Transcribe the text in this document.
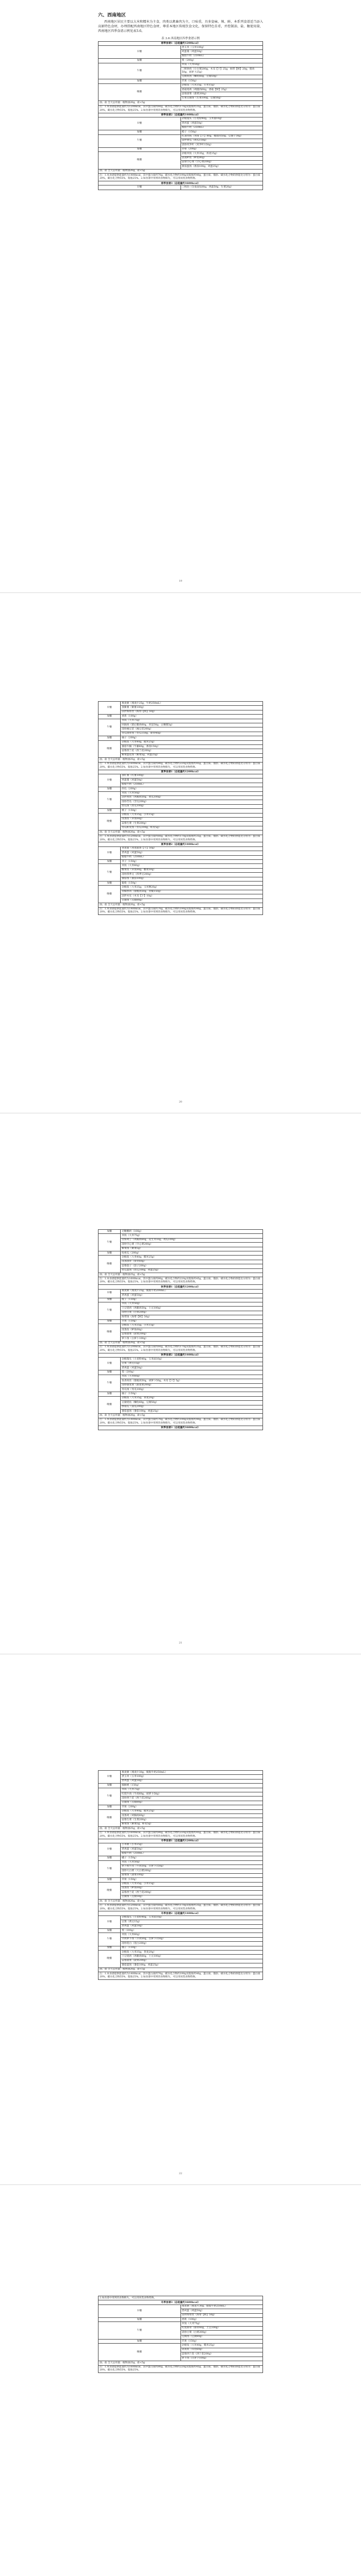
六、西南地区

西南地区居民主要以大米和糯米为主食，肉类以禽畜肉为主，口味重，具多姿麻、辣、鲜，本系列食谱适当添入高原特色食材，办理搭配西南地区特色食材，尊重本地区传统饮食文化，保留特色佳肴，并控制油、盐、糖使用量，西南地区四季食谱示例见表3.6。

表 3.6 西南地区四季食谱示例
春季食谱1（总能量约1200kcal）	
早餐	煮玉米（玉米100g）
	鸡蛋羹（鸡蛋50g）
	脱脂牛奶（250mL）
加餐	梨（200g）
午餐	米饭（大米50g）
	三鲜炒肉（小白菜200g，木耳【干】25g，海带【鲜】20g，猪肉50g，胡萝卜25g）
	豆腐鱼汤（鲫鱼60g，豆腐50g）
加餐	苹果（150g）
晚餐	杂粮饭（大米35g，小米15g）
	香菇炖鸡（鸡腿肉60g，香菇【鲜】25g）
	蒜蓉菠菜（菠菜200g）
	生菜豆腐汤（生菜100g，豆腐50g）
油、盐 全天总用量：植物油20g，盐<5g	
注：1.本食谱提供能量约为1200kcal，其中蛋白质约60g，碳水化合物约170g及脂肪约35g，蛋白质、脂肪、碳水化合物的供能比分别为：蛋白质20%，碳水化合物55%，脂肪25%。2.如食谱中用到的食物缺失，可以用同类食物替换。	
春季食谱2（总能量约1400kcal）	
早餐	杂粮馒头（小麦粉40g，玉米面10g）
	煮鸡蛋（鸡蛋50g）
	脱脂牛奶（250mL）
加餐	橙子（150g）
午餐	红油米线（米线【干】80g，瘦猪肉50g，豆腐干30g）
	凉拌黄瓜（黄瓜150g）
	清炒莴笋叶（莴笋叶150g）
加餐	草莓（200g）
晚餐	杂粮米饭（大米35g，荞麦15g）
	清蒸鲈鱼（鲈鱼80g）
	蒜蓉空心菜（空心菜200g）
	番茄蛋汤（番茄100g，鸡蛋25g）
油、盐 全天总用量：植物油20g，盐<5g	
注：1.本食谱提供能量约为1400kcal，其中蛋白质约70g，碳水化合物约190g及脂肪约40g，蛋白质、脂肪、碳水化合物的供能比分别为：蛋白质20%，碳水化合物55%，脂肪25%。2.如食谱中用到的食物缺失，可以用同类食物替换。	
春季食谱3（总能量约1600kcal）	
早餐	三明治（全麦面包80g，鸡蛋50g，生菜20g）
19
早餐	燕麦粥（燕麦片25g，牛奶250mL）
	蒸紫薯（紫薯100g）
	凉拌海带丝（海带【鲜】50g）
加餐	香蕉（100g）
午餐	米饭（大米75g）
	回锅肉（猪后腿肉60g，青蒜50g，豆瓣酱5g）
	清炒豌豆苗（豌豆苗200g）
	冬瓜排骨汤（冬瓜150g，排骨40g）
加餐	柚子（200g）
晚餐	杂粮饭（大米40g，糙米25g）
	番茄牛腩（牛腩60g，番茄150g）
	蒜蓉西兰花（西兰花200g）
	紫菜蛋花汤（紫菜5g，鸡蛋25g）
油、盐 全天总用量：植物油25g，盐<5g	
注：1.本食谱提供能量约为1600kcal，其中蛋白质约80g，碳水化合物约220g及脂肪约45g，蛋白质、脂肪、碳水化合物的供能比分别为：蛋白质20%，碳水化合物55%，脂肪25%。2.如食谱中用到的食物缺失，可以用同类食物替换。	
夏季食谱1（总能量约1200kcal）	
早餐	蒸红薯（红薯100g）
	鸡蛋羹（鸡蛋50g）
	脱脂牛奶（250mL）
加餐	西瓜（200g）
午餐	米饭（大米50g）
	凉拌鸡丝（鸡胸肉50g，黄瓜100g）
	清炒苦瓜（苦瓜200g）
	丝瓜汤（丝瓜100g）
加餐	桃子（150g）
晚餐	杂粮饭（大米35g，小米15g）
	清蒸鱼（草鱼60g）
	蒜蓉生菜（生菜200g）
	冬瓜虾皮汤（冬瓜100g，虾皮5g）
油、盐 全天总用量：植物油20g，盐<5g	
注：1.本食谱提供能量约为1200kcal，其中蛋白质约60g，碳水化合物约170g及脂肪约35g，蛋白质、脂肪、碳水化合物的供能比分别为：蛋白质20%，碳水化合物55%，脂肪25%。2.如食谱中用到的食物缺失，可以用同类食物替换。	
夏季食谱2（总能量约1400kcal）	
早餐	荞麦面（荞麦面条【干】50g）
	煮鸡蛋（鸡蛋50g）
	脱脂牛奶（250mL）
加餐	李子（150g）
午餐	米饭（大米60g）
	酸菜鱼（草鱼80g，酸菜50g）
	清炒四季豆（四季豆200g）
	番茄汤（番茄100g）
加餐	葡萄（150g）
晚餐	杂粮饭（大米35g，玉米糁20g）
	青椒炒肉（猪瘦肉50g，青椒150g）
	凉拌木耳（木耳【干】10g）
	豆腐汤（豆腐80g）
油、盐 全天总用量：植物油20g，盐<5g	
注：1.本食谱提供能量约为1400kcal，其中蛋白质约70g，碳水化合物约190g及脂肪约40g，蛋白质、脂肪、碳水化合物的供能比分别为：蛋白质20%，碳水化合物55%，脂肪25%。2.如食谱中用到的食物缺失，可以用同类食物替换。	
20
加餐	无糖酸奶（100g）
午餐	米饭（大米75g）
	宫保鸡丁（鸡胸肉60g，花生米10g，黄瓜100g）
	清炒空心菜（空心菜200g）
	紫菜汤（紫菜5g）
加餐	哈密瓜（200g）
晚餐	杂粮饭（大米40g，糙米25g）
	清蒸排骨（排骨60g）
	蒜蓉茄子（茄子200g）
	丝瓜蛋汤（丝瓜100g，鸡蛋25g）
油、盐 全天总用量：植物油25g，盐<5g	
注：1.本食谱提供能量约为1600kcal，其中蛋白质约80g，碳水化合物约220g及脂肪约45g，蛋白质、脂肪、碳水化合物的供能比分别为：蛋白质20%，碳水化合物55%，脂肪25%。2.如食谱中用到的食物缺失，可以用同类食物替换。	
秋季食谱1（总能量约1200kcal）	
早餐	燕麦粥（燕麦片25g，脱脂牛奶200mL）
	煮鸡蛋（鸡蛋50g）
加餐	橙子（150g）
午餐	米饭（大米50g）
	土豆烧鸡（鸡腿肉50g，土豆100g）
	清炒白菜（白菜200g）
	海带汤（海带【鲜】50g）
加餐	苹果（150g）
晚餐	杂粮饭（大米35g，小米15g）
	清蒸鱼（鲈鱼60g）
	蒜蓉菠菜（菠菜200g）
	萝卜汤（白萝卜100g）
油、盐 全天总用量：植物油20g，盐<5g	
注：1.本食谱提供能量约为1200kcal，其中蛋白质约60g，碳水化合物约170g及脂肪约35g，蛋白质、脂肪、碳水化合物的供能比分别为：蛋白质20%，碳水化合物55%，脂肪25%。2.如食谱中用到的食物缺失，可以用同类食物替换。	
秋季食谱2（总能量约1400kcal）	
早餐	杂粮馒头（小麦粉40g，玉米面10g）
	豆浆（黄豆15g）
	煮鸡蛋（鸡蛋50g）
加餐	梨（200g）
午餐	米饭（大米60g）
	鱼香肉丝（猪瘦肉50g，胡萝卜50g，木耳【干】5g）
	清炒油麦菜（油麦菜200g）
	冬瓜汤（冬瓜100g）
加餐	柚子（150g）
晚餐	杂粮饭（大米35g，荞麦20g）
	豆腐烧鱼（鲫鱼60g，豆腐50g）
	炒南瓜（南瓜200g）
	番茄蛋汤（番茄100g，鸡蛋25g）
油、盐 全天总用量：植物油20g，盐<5g	
注：1.本食谱提供能量约为1400kcal，其中蛋白质约70g，碳水化合物约190g及脂肪约40g，蛋白质、脂肪、碳水化合物的供能比分别为：蛋白质20%，碳水化合物55%，脂肪25%。2.如食谱中用到的食物缺失，可以用同类食物替换。	
秋季食谱3（总能量约1600kcal）	
21
早餐	燕麦粥（燕麦片30g，脱脂牛奶250mL）
	煮玉米（玉米100g）
	煮鸡蛋（鸡蛋50g）
加餐	猕猴桃（150g）
午餐	米饭（大米75g）
	红烧牛肉（牛肉60g，胡萝卜50g）
	清炒西兰花（西兰花200g）
	豆腐汤（豆腐80g）
加餐	苹果（200g）
晚餐	杂粮饭（大米40g，糙米25g）
	清蒸鸡（鸡胸肉60g）
	蒜蓉生菜（生菜200g）
	紫菜汤（紫菜5g，虾皮5g）
油、盐 全天总用量：植物油25g，盐<5g	
注：1.本食谱提供能量约为1600kcal，其中蛋白质约80g，碳水化合物约220g及脂肪约45g，蛋白质、脂肪、碳水化合物的供能比分别为：蛋白质20%，碳水化合物55%，脂肪25%。2.如食谱中用到的食物缺失，可以用同类食物替换。	
冬季食谱1（总能量约1200kcal）	
早餐	小米粥（小米25g）
	煮鸡蛋（鸡蛋50g）
	脱脂牛奶（250mL）
加餐	橘子（150g）
午餐	米饭（大米50g）
	萝卜炖牛肉（牛肉50g，白萝卜150g）
	清炒大白菜（大白菜200g）
	菠菜汤（菠菜100g）
加餐	苹果（150g）
晚餐	杂粮饭（大米35g，小米15g）
	清蒸鱼（鲈鱼60g）
	蒜蓉西兰花（西兰花200g）
	豆腐汤（豆腐50g）
油、盐 全天总用量：植物油20g，盐<5g	
注：1.本食谱提供能量约为1200kcal，其中蛋白质约60g，碳水化合物约170g及脂肪约35g，蛋白质、脂肪、碳水化合物的供能比分别为：蛋白质20%，碳水化合物55%，脂肪25%。2.如食谱中用到的食物缺失，可以用同类食物替换。	
冬季食谱2（总能量约1400kcal）	
早餐	杂粮馒头（小麦粉40g，玉米面10g）
	豆浆（黄豆15g）
	煮鸡蛋（鸡蛋50g）
加餐	梨（200g）
午餐	米饭（大米60g）
	羊肉萝卜汤（羊肉50g，白萝卜150g）
	清炒莲白（莲白200g）
加餐	柚子（150g）
晚餐	杂粮饭（大米35g，荞麦20g）
	土豆烧鸡（鸡腿肉60g，土豆100g）
	蒜蓉菠菜（菠菜200g）
	番茄蛋汤（番茄100g，鸡蛋25g）
油、盐 全天总用量：植物油20g，盐<5g	
注：1.本食谱提供能量约为1400kcal，其中蛋白质约70g，碳水化合物约190g及脂肪约40g，蛋白质、脂肪、碳水化合物的供能比分别为：蛋白质20%，碳水化合物55%，脂肪25%。2.如食谱中用到的食物缺失，可以用同类食物替换。	
22
2.如食谱中用到的食物缺失，可以用同类食物替换。	
冬季食谱3（总能量约1600kcal）	
早餐	燕麦粥（燕麦片30g，脱脂牛奶250mL）
	煮鸡蛋（鸡蛋50g）
	凉拌海带丝（海带【鲜】50g）
加餐	香蕉（100g）
午餐	米饭（大米75g）
	红烧排骨（排骨60g，土豆100g）
	清炒白菜（白菜200g）
	豆腐汤（豆腐80g）
加餐	苹果（150g）
晚餐	杂粮饭（大米40g，糙米25g）
	清蒸鱼（草鱼60g）
	蒜蓉西兰花（西兰花200g）
	萝卜汤（白萝卜100g）
油、盐 全天总用量：植物油25g，盐<5g	
注：1.本食谱提供能量约为1600kcal，其中蛋白质约80g，碳水化合物约220g及脂肪约45g，蛋白质、脂肪、碳水化合物的供能比分别为：蛋白质20%，碳水化合物55%，脂肪25%。	
